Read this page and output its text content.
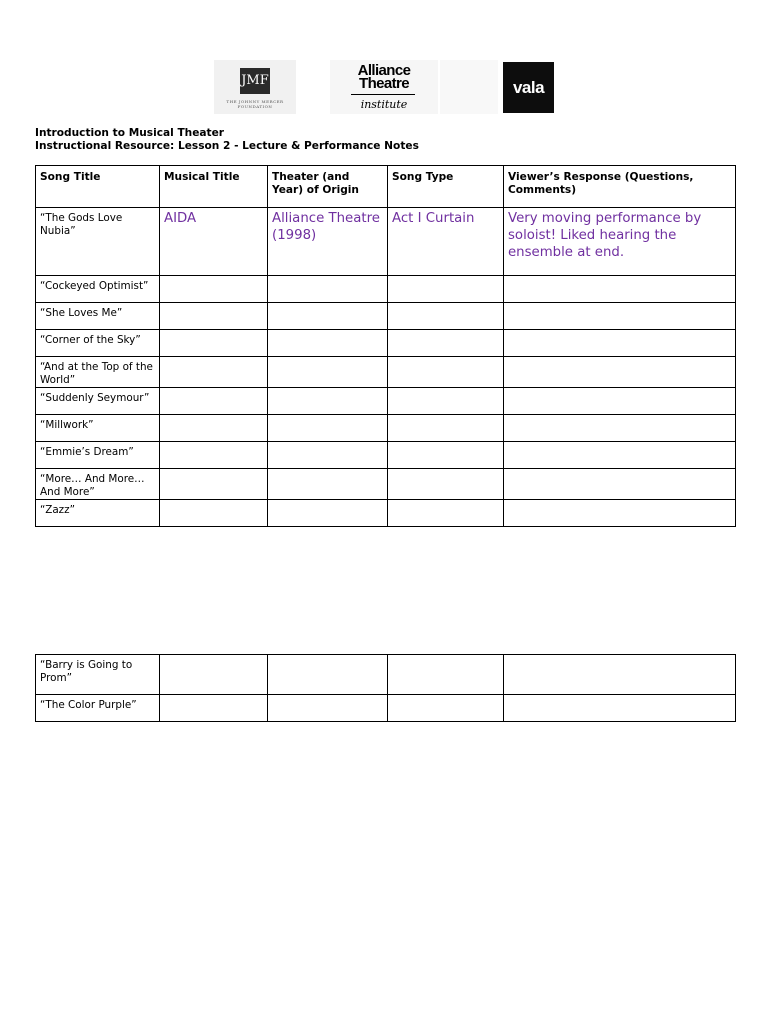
JMF
THE JOHNNY MERCER FOUNDATION
Alliance
Theatre
institute
vala
Introduction to Musical Theater
Instructional Resource: Lesson 2 - Lecture & Performance Notes
Song Title	Musical Title	Theater (and Year) of Origin	Song Type	Viewer’s Response (Questions, Comments)
“The Gods Love Nubia”	AIDA	Alliance Theatre (1998)	Act I Curtain	Very moving performance by soloist! Liked hearing the ensemble at end.
“Cockeyed Optimist”				
“She Loves Me”				
“Corner of the Sky”				
“And at the Top of the World”				
“Suddenly Seymour”				
“Millwork”				
“Emmie’s Dream”				
“More… And More… And More”				
“Zazz”				
“Barry is Going to Prom”				
“The Color Purple”				
